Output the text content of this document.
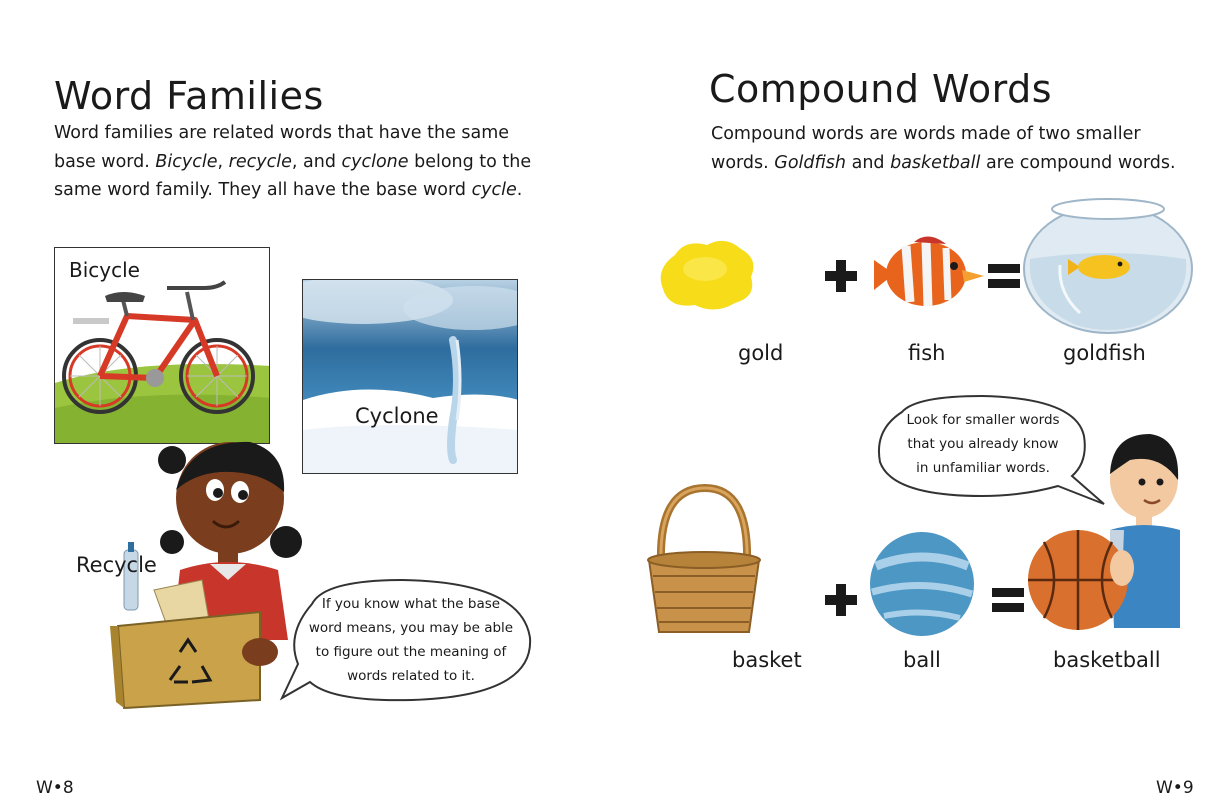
Word Families

Word families are related words that have the same base word. Bicycle, recycle, and cyclone belong to the same word family. They all have the base word cycle.

Bicycle
Cyclone
Recycle
If you know what the base
word means, you may be able
to figure out the meaning of
words related to it.
W•8
Compound Words

Compound words are words made of two smaller words. Goldfish and basketball are compound words.

gold	fish	goldfish
Look for smaller words
that you already know
in unfamiliar words.
basket	ball	basketball
W•9
